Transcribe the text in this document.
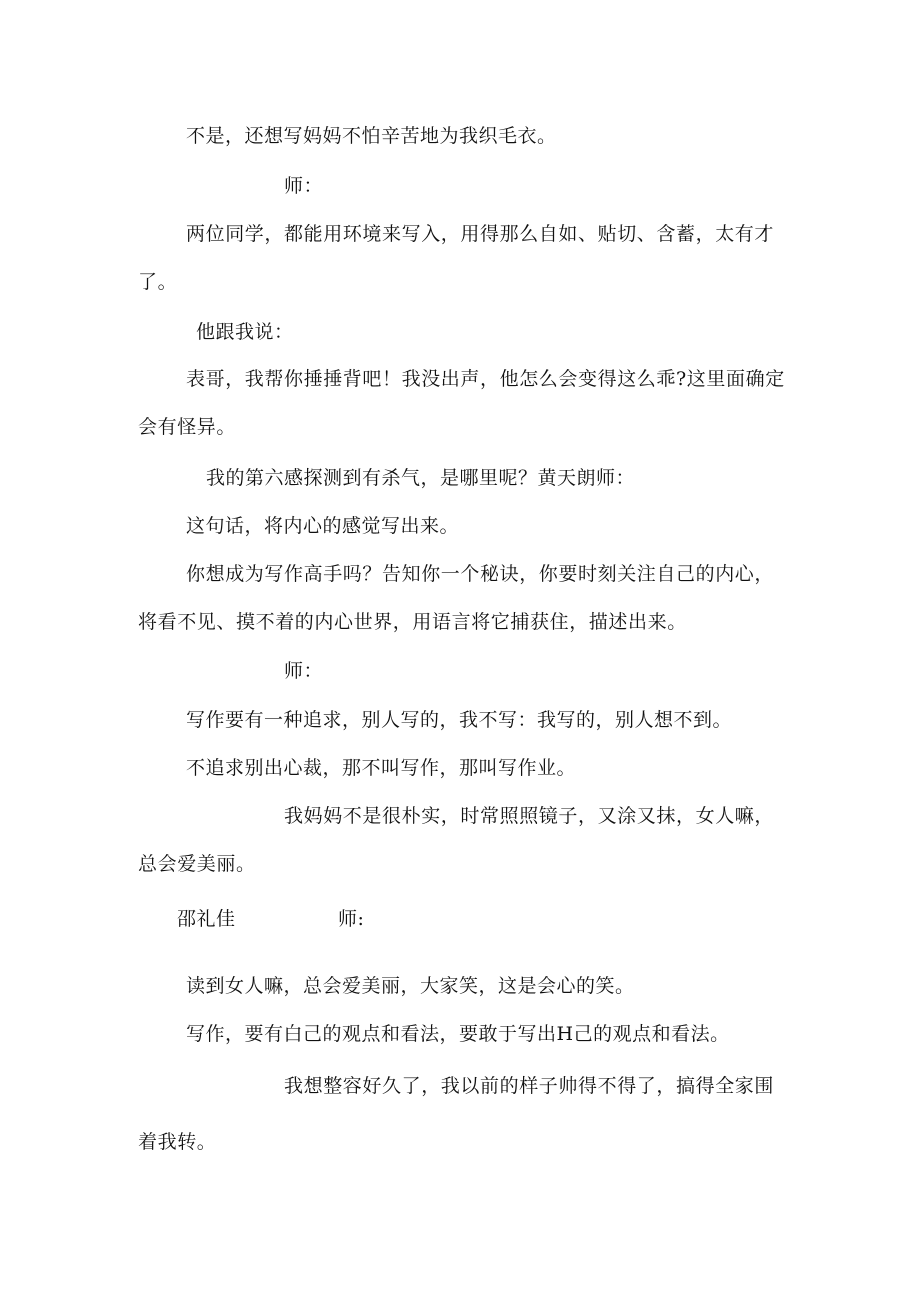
不是，还想写妈妈不怕辛苦地为我织毛衣。

师：

两位同学，都能用环境来写入，用得那么自如、贴切、含蓄，太有才了。

他跟我说：

表哥，我帮你捶捶背吧！我没出声，他怎么会变得这么乖?这里面确定会有怪异。

我的第六感探测到有杀气，是哪里呢？黄天朗师：

这句话，将内心的感觉写出来。

你想成为写作高手吗？告知你一个秘诀，你要时刻关注自己的内心，将看不见、摸不着的内心世界，用语言将它捕获住，描述出来。

师：

写作要有一种追求，别人写的，我不写：我写的，别人想不到。

不追求别出心裁，那不叫写作，那叫写作业。

我妈妈不是很朴实，时常照照镜子，又涂又抹，女人嘛，总会爱美丽。

邵礼佳	师:

读到女人嘛，总会爱美丽，大家笑，这是会心的笑。

写作，要有白己的观点和看法，要敢于写出H己的观点和看法。

我想整容好久了，我以前的样子帅得不得了，搞得全家围着我转。
